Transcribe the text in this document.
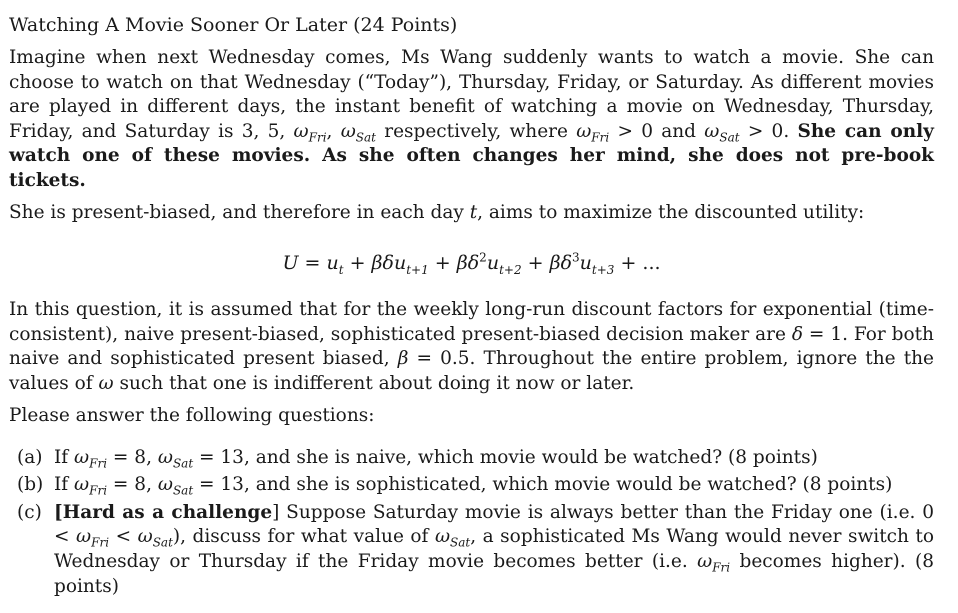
Watching A Movie Sooner Or Later (24 Points)

Imagine when next Wednesday comes, Ms Wang suddenly wants to watch a movie. She can choose to watch on that Wednesday (“Today”), Thursday, Friday, or Saturday. As different movies are played in different days, the instant benefit of watching a movie on Wednesday, Thursday, Friday, and Saturday is 3, 5, $\omega_{Fri}$, $\omega_{Sat}$ respectively, where $\omega_{Fri} > 0$ and $\omega_{Sat} > 0$. She can only watch one of these movies. As she often changes her mind, she does not pre-book tickets.

She is present-biased, and therefore in each day t, aims to maximize the discounted utility:

$U = u_t + \beta\delta u_{t+1} + \beta\delta^2u_{t+2} + \beta\delta^3u_{t+3}$ + ...

In this question, it is assumed that for the weekly long-run discount factors for exponential (time-consistent), naive present-biased, sophisticated present-biased decision maker are δ = 1. For both naive and sophisticated present biased, β = 0.5. Throughout the entire problem, ignore the the values of ω such that one is indifferent about doing it now or later.

Please answer the following questions:

(a) If $\omega_{Fri} = 8$, $\omega_{Sat} = 13$, and she is naive, which movie would be watched? (8 points)
(b) If $\omega_{Fri} = 8$, $\omega_{Sat} = 13$, and she is sophisticated, which movie would be watched? (8 points)
(c) [Hard as a challenge] Suppose Saturday movie is always better than the Friday one (i.e. $0 < \omega_{Fri} < \omega_{Sat}$), discuss for what value of $\omega_{Sat}$, a sophisticated Ms Wang would never switch to Wednesday or Thursday if the Friday movie becomes better (i.e. $\omega_{Fri}$ becomes higher). (8 points)
